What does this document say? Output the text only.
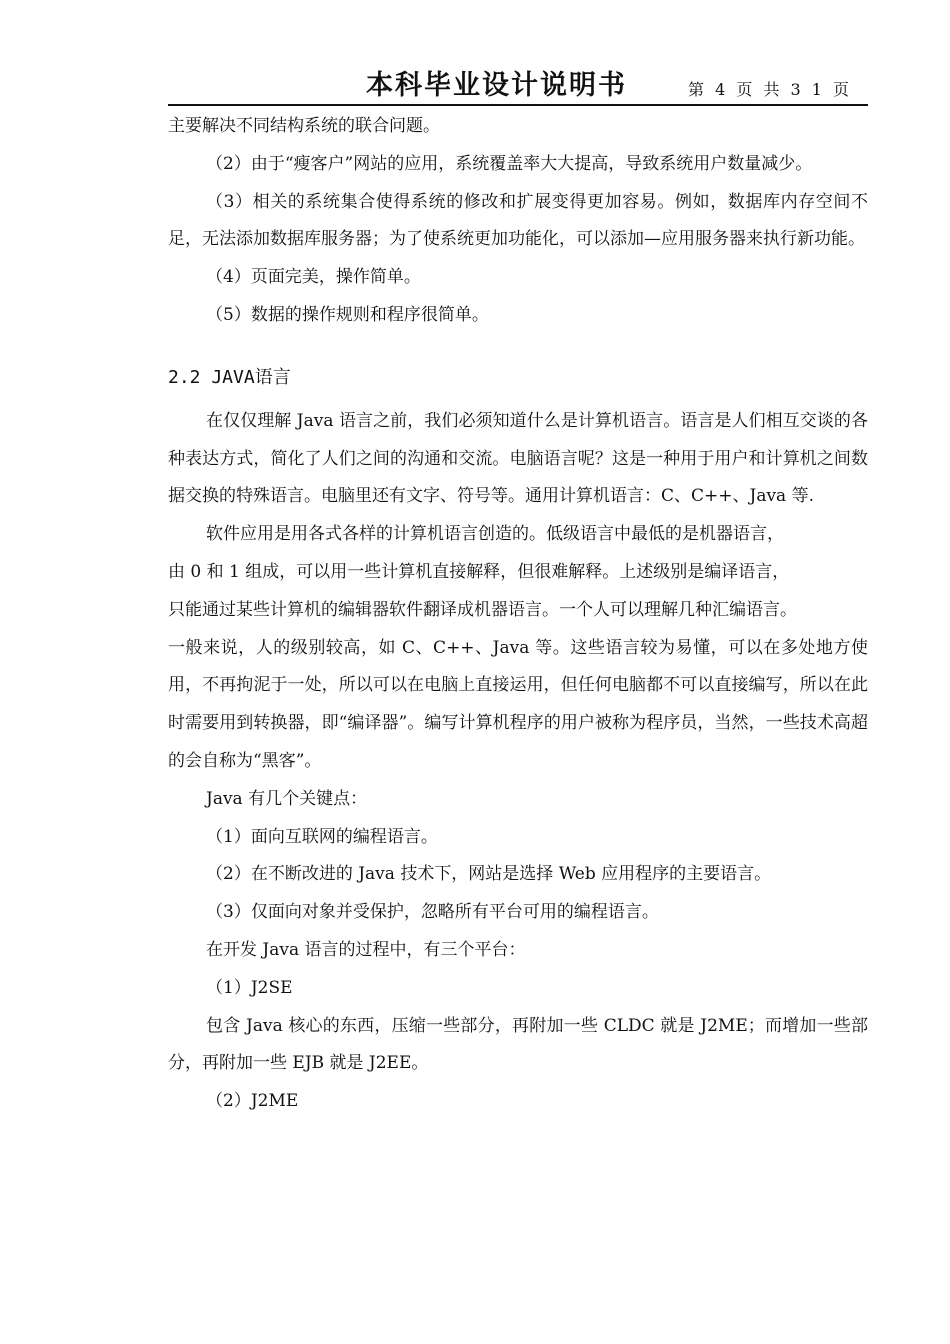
本科毕业设计说明书	第 4 页 共 3 1 页

主要解决不同结构系统的联合问题。

（2）由于“瘦客户”网站的应用，系统覆盖率大大提高，导致系统用户数量减少。

（3）相关的系统集合使得系统的修改和扩展变得更加容易。例如，数据库内存空间不足，无法添加数据库服务器；为了使系统更加功能化，可以添加—应用服务器来执行新功能。

（4）页面完美，操作简单。

（5）数据的操作规则和程序很简单。

2.2 JAVA语言

在仅仅理解 Java 语言之前，我们必须知道什么是计算机语言。语言是人们相互交谈的各种表达方式，简化了人们之间的沟通和交流。电脑语言呢？这是一种用于用户和计算机之间数据交换的特殊语言。电脑里还有文字、符号等。通用计算机语言：C、C++、Java 等.

软件应用是用各式各样的计算机语言创造的。低级语言中最低的是机器语言，

由 0 和 1 组成，可以用一些计算机直接解释，但很难解释。上述级别是编译语言，

只能通过某些计算机的编辑器软件翻译成机器语言。一个人可以理解几种汇编语言。

一般来说，人的级别较高，如 C、C++、Java 等。这些语言较为易懂，可以在多处地方使用，不再拘泥于一处，所以可以在电脑上直接运用，但任何电脑都不可以直接编写，所以在此时需要用到转换器，即“编译器”。编写计算机程序的用户被称为程序员，当然，一些技术高超的会自称为“黑客”。

Java 有几个关键点：

（1）面向互联网的编程语言。

（2）在不断改进的 Java 技术下，网站是选择 Web 应用程序的主要语言。

（3）仅面向对象并受保护，忽略所有平台可用的编程语言。

在开发 Java 语言的过程中，有三个平台：

（1）J2SE

包含 Java 核心的东西，压缩一些部分，再附加一些 CLDC 就是 J2ME；而增加一些部分，再附加一些 EJB 就是 J2EE。

（2）J2ME
